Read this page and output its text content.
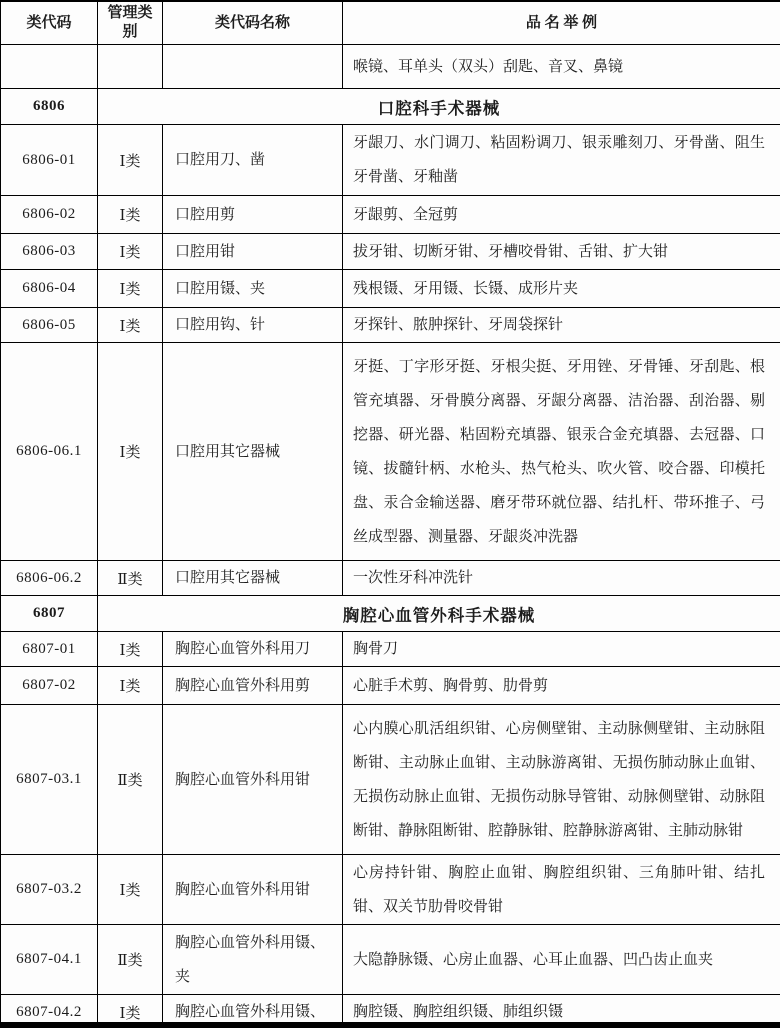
类代码	管理类别	类代码名称	品 名 举 例
			喉镜、耳单头（双头）刮匙、音叉、鼻镜
6806	口腔科手术器械		
6806-01	Ⅰ类	口腔用刀、凿	牙龈刀、水门调刀、粘固粉调刀、银汞雕刻刀、牙骨凿、阻生牙骨凿、牙釉凿
6806-02	Ⅰ类	口腔用剪	牙龈剪、全冠剪
6806-03	Ⅰ类	口腔用钳	拔牙钳、切断牙钳、牙槽咬骨钳、舌钳、扩大钳
6806-04	Ⅰ类	口腔用镊、夹	残根镊、牙用镊、长镊、成形片夹
6806-05	Ⅰ类	口腔用钩、针	牙探针、脓肿探针、牙周袋探针
6806-06.1	Ⅰ类	口腔用其它器械	牙挺、丁字形牙挺、牙根尖挺、牙用锉、牙骨锤、牙刮匙、根管充填器、牙骨膜分离器、牙龈分离器、洁治器、刮治器、剔挖器、研光器、粘固粉充填器、银汞合金充填器、去冠器、口镜、拔髓针柄、水枪头、热气枪头、吹火管、咬合器、印模托盘、汞合金输送器、磨牙带环就位器、结扎杆、带环推子、弓丝成型器、测量器、牙龈炎冲洗器
6806-06.2	Ⅱ类	口腔用其它器械	一次性牙科冲洗针
6807	胸腔心血管外科手术器械		
6807-01	Ⅰ类	胸腔心血管外科用刀	胸骨刀
6807-02	Ⅰ类	胸腔心血管外科用剪	心脏手术剪、胸骨剪、肋骨剪
6807-03.1	Ⅱ类	胸腔心血管外科用钳	心内膜心肌活组织钳、心房侧壁钳、主动脉侧壁钳、主动脉阻断钳、主动脉止血钳、主动脉游离钳、无损伤肺动脉止血钳、无损伤动脉止血钳、无损伤动脉导管钳、动脉侧壁钳、动脉阻断钳、静脉阻断钳、腔静脉钳、腔静脉游离钳、主肺动脉钳
6807-03.2	Ⅰ类	胸腔心血管外科用钳	心房持针钳、胸腔止血钳、胸腔组织钳、三角肺叶钳、结扎钳、双关节肋骨咬骨钳
6807-04.1	Ⅱ类	胸腔心血管外科用镊、夹	大隐静脉镊、心房止血器、心耳止血器、凹凸齿止血夹
6807-04.2	Ⅰ类	胸腔心血管外科用镊、	胸腔镊、胸腔组织镊、肺组织镊
